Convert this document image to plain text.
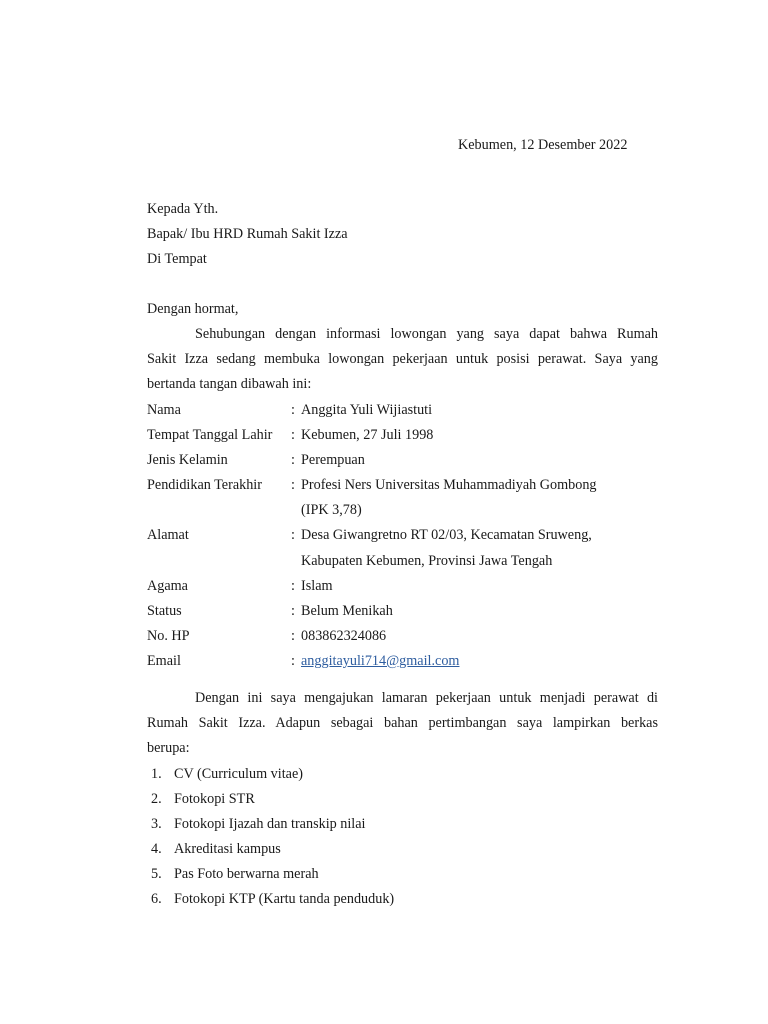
Kebumen, 12 Desember 2022
Kepada Yth.
Bapak/ Ibu HRD Rumah Sakit Izza
Di Tempat
Dengan hormat,
Sehubungan dengan informasi lowongan yang saya dapat bahwa Rumah
Sakit Izza sedang membuka lowongan pekerjaan untuk posisi perawat. Saya yang
bertanda tangan dibawah ini:
Nama	: Anggita Yuli Wijiastuti
Tempat Tanggal Lahir : Kebumen, 27 Juli 1998
Jenis Kelamin	: Perempuan
Pendidikan Terakhir : Profesi Ners Universitas Muhammadiyah Gombong
(IPK 3,78)
Alamat	: Desa Giwangretno RT 02/03, Kecamatan Sruweng,
Kabupaten Kebumen, Provinsi Jawa Tengah
Agama	: Islam
Status	: Belum Menikah
No. HP	: 083862324086
Email	: anggitayuli714@gmail.com
Dengan ini saya mengajukan lamaran pekerjaan untuk menjadi perawat di
Rumah Sakit Izza. Adapun sebagai bahan pertimbangan saya lampirkan berkas
berupa:
1. CV (Curriculum vitae)
2. Fotokopi STR
3. Fotokopi Ijazah dan transkip nilai
4. Akreditasi kampus
5. Pas Foto berwarna merah
6. Fotokopi KTP (Kartu tanda penduduk)
